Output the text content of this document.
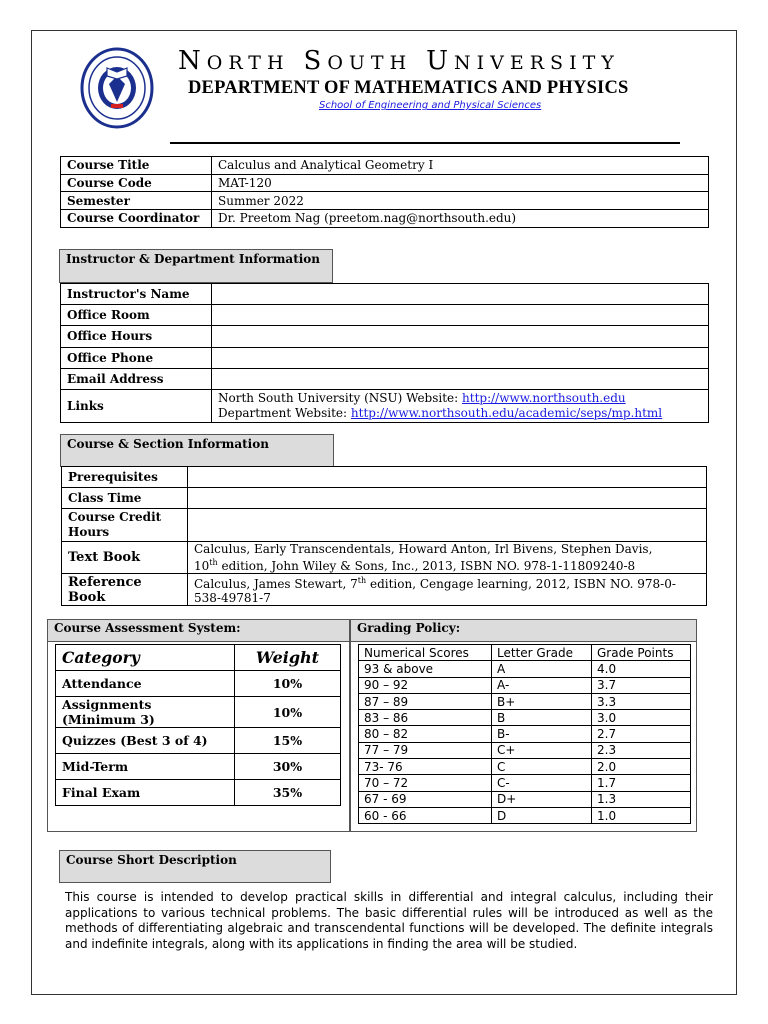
NORTH SOUTH UNIVERSITY
DEPARTMENT OF MATHEMATICS AND PHYSICS
School of Engineering and Physical Sciences
Course Title	Calculus and Analytical Geometry I
Course Code	MAT-120
Semester	Summer 2022
Course Coordinator	Dr. Preetom Nag (preetom.nag@northsouth.edu)
Instructor & Department Information
Instructor's Name	
Office Room	
Office Hours	
Office Phone	
Email Address	
Links	North South University (NSU) Website: http://www.northsouth.edu
Department Website: http://www.northsouth.edu/academic/seps/mp.html
Course & Section Information
Prerequisites	
Class Time	
Course Credit Hours	
Text Book	Calculus, Early Transcendentals, Howard Anton, Irl Bivens, Stephen Davis,
10th edition, John Wiley & Sons, Inc., 2013, ISBN NO. 978-1-11809240-8

Reference Book	Calculus, James Stewart, 7th edition, Cengage learning, 2012, ISBN NO. 978-0-538-49781-7
Course Assessment System:
Category	Weight
Attendance	10%
Assignments (Minimum 3)	10%
Quizzes (Best 3 of 4)	15%
Mid-Term	30%
Final Exam	35%
Grading Policy:
Numerical Scores	Letter Grade	Grade Points
93 & above	A	4.0
90 – 92	A-	3.7
87 – 89	B+	3.3
83 – 86	B	3.0
80 – 82	B-	2.7
77 – 79	C+	2.3
73- 76	C	2.0
70 – 72	C-	1.7
67 - 69	D+	1.3
60 - 66	D	1.0
Course Short Description

This course is intended to develop practical skills in differential and integral calculus, including their applications to various technical problems. The basic differential rules will be introduced as well as the methods of differentiating algebraic and transcendental functions will be developed. The definite integrals and indefinite integrals, along with its applications in finding the area will be studied.
